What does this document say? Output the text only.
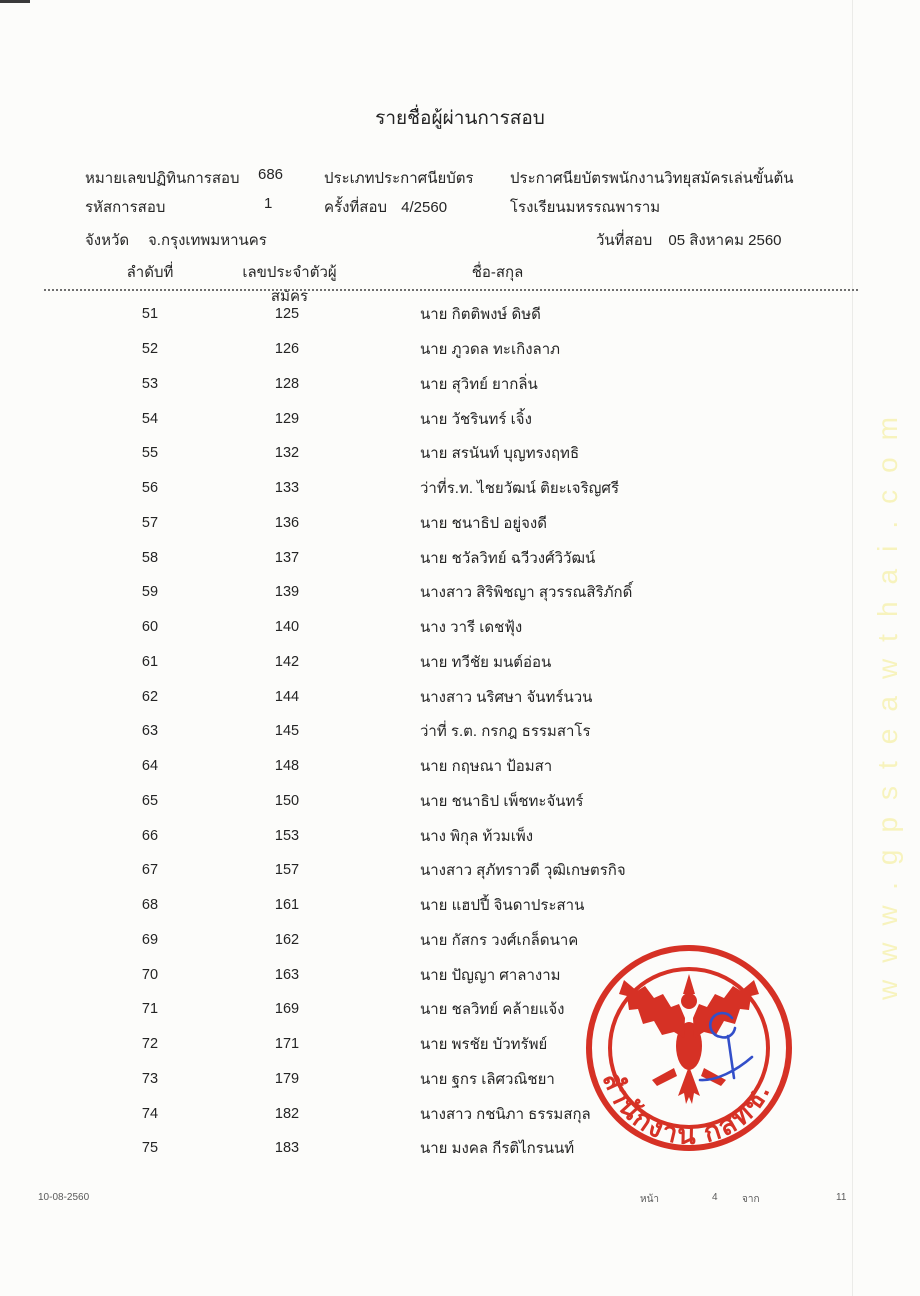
www.gpsteawthai.com
รายชื่อผู้ผ่านการสอบ
หมายเลขปฏิทินการสอบ 686	ประเภทประกาศนียบัตร ประกาศนียบัตรพนักงานวิทยุสมัครเล่นขั้นต้น
รหัสการสอบ	1	ครั้งที่สอบ 4/2560	โรงเรียนมหรรณพาราม
จังหวัด จ.กรุงเทพมหานคร	วันที่สอบ 05 สิงหาคม 2560
ลำดับที่	เลขประจำตัวผู้สมัคร
ชื่อ-สกุล
51	125	นาย กิตติพงษ์ ดิษดี
52	126	นาย ภูวดล ทะเกิงลาภ
53	128	นาย สุวิทย์ ยากลิ่น
54	129	นาย วัชรินทร์ เจิ้ง
55	132	นาย สรนันท์ บุญทรงฤทธิ
56	133	ว่าที่ร.ท. ไชยวัฒน์ ติยะเจริญศรี
57	136	นาย ชนาธิป อยู่จงดี
58	137	นาย ชวัลวิทย์ ฉวีวงศ์วิวัฒน์
59	139	นางสาว สิริพิชญา สุวรรณสิริภักดิ์
60	140	นาง วารี เดชฟุ้ง
61	142	นาย ทวีชัย มนต์อ่อน
62	144	นางสาว นริศษา จันทร์นวน
63	145	ว่าที่ ร.ต. กรกฎ ธรรมสาโร
64	148	นาย กฤษณา ป้อมสา
65	150	นาย ชนาธิป เพ็ชทะจันทร์
66	153	นาง พิกุล ท้วมเพ็ง
67	157	นางสาว สุภัทราวดี วุฒิเกษตรกิจ
68	161	นาย แฮปปี้ จินดาประสาน
69	162	นาย กัสกร วงศ์เกล็ดนาค
70	163	นาย ปัญญา ศาลางาม
71	169	นาย ชลวิทย์ คล้ายแจ้ง
72	171	นาย พรชัย บัวทรัพย์
73	179	นาย ฐกร เลิศวณิชยา
74	182	นางสาว กชนิภา ธรรมสกุล
75	183	นาย มงคล กีรติไกรนนท์
สำนักงาน กสทช.
10-08-2560	หน้า	4 จาก	11
